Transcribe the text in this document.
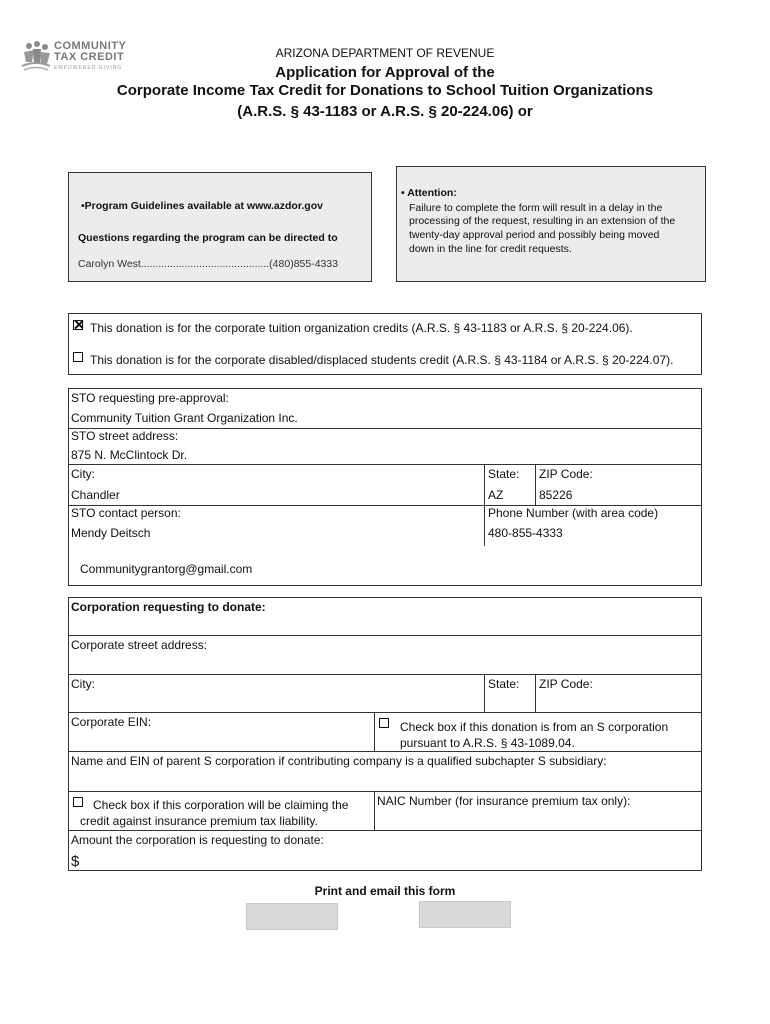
COMMUNITY
TAX CREDIT
EMPOWERED GIVING
ARIZONA DEPARTMENT OF REVENUE
Application for Approval of the
Corporate Income Tax Credit for Donations to School Tuition Organizations
(A.R.S. § 43-1183 or A.R.S. § 20-224.06) or
•Program Guidelines available at www.azdor.gov
Questions regarding the program can be directed to
Carolyn West............................................(480)855-4333
• Attention:
Failure to complete the form will result in a delay in the
processing of the request, resulting in an extension of the
twenty-day approval period and possibly being moved
down in the line for credit requests.
This donation is for the corporate tuition organization credits (A.R.S. § 43-1183 or A.R.S. § 20-224.06).
This donation is for the corporate disabled/displaced students credit (A.R.S. § 43-1184 or A.R.S. § 20-224.07).
STO requesting pre-approval:
Community Tuition Grant Organization Inc.
STO street address:
875 N. McClintock Dr.
City:
Chandler
State:
AZ
ZIP Code:
85226
STO contact person:
Mendy Deitsch
Phone Number (with area code)
480-855-4333
Communitygrantorg@gmail.com
Corporation requesting to donate:
Corporate street address:
City:	State: ZIP Code:
Corporate EIN:	Check box if this donation is from an S corporation
pursuant to A.R.S. § 43-1089.04.
Name and EIN of parent S corporation if contributing company is a qualified subchapter S subsidiary:
Check box if this corporation will be claiming the
credit against insurance premium tax liability.
NAIC Number (for insurance premium tax only):
Amount the corporation is requesting to donate:
$
Print and email this form
